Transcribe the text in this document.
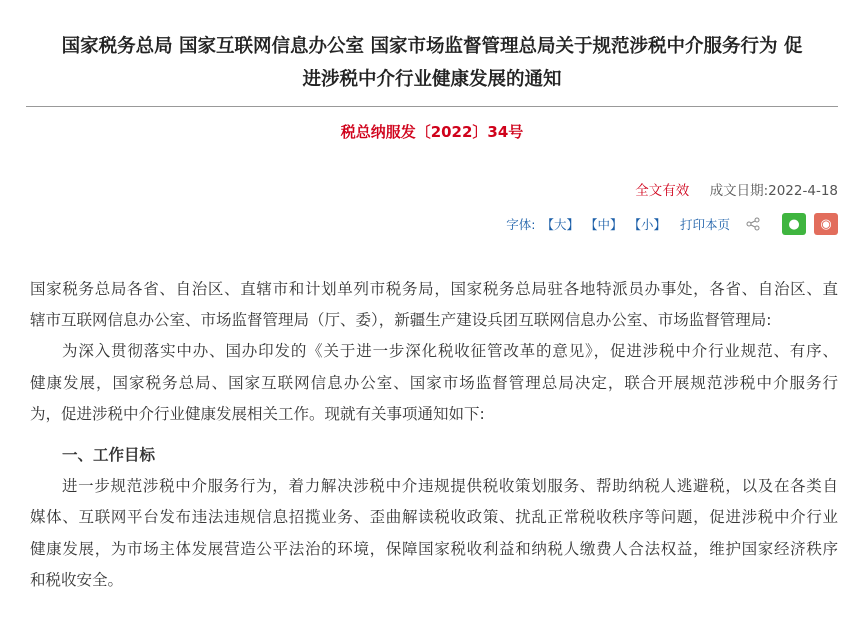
国家税务总局 国家互联网信息办公室 国家市场监督管理总局关于规范涉税中介服务行为 促
进涉税中介行业健康发展的通知
税总纳服发〔2022〕34号
全文有效 成文日期:2022-4-18
字体: 【大】 【中】 【小】 打印本页	●	◉
国家税务总局各省、自治区、直辖市和计划单列市税务局，国家税务总局驻各地特派员办事处，各省、自治区、直
辖市互联网信息办公室、市场监督管理局（厅、委），新疆生产建设兵团互联网信息办公室、市场监督管理局:
为深入贯彻落实中办、国办印发的《关于进一步深化税收征管改革的意见》，促进涉税中介行业规范、有序、
健康发展，国家税务总局、国家互联网信息办公室、国家市场监督管理总局决定，联合开展规范涉税中介服务行
为，促进涉税中介行业健康发展相关工作。现就有关事项通知如下:
一、工作目标
进一步规范涉税中介服务行为，着力解决涉税中介违规提供税收策划服务、帮助纳税人逃避税，以及在各类自
媒体、互联网平台发布违法违规信息招揽业务、歪曲解读税收政策、扰乱正常税收秩序等问题，促进涉税中介行业
健康发展，为市场主体发展营造公平法治的环境，保障国家税收利益和纳税人缴费人合法权益，维护国家经济秩序
和税收安全。
